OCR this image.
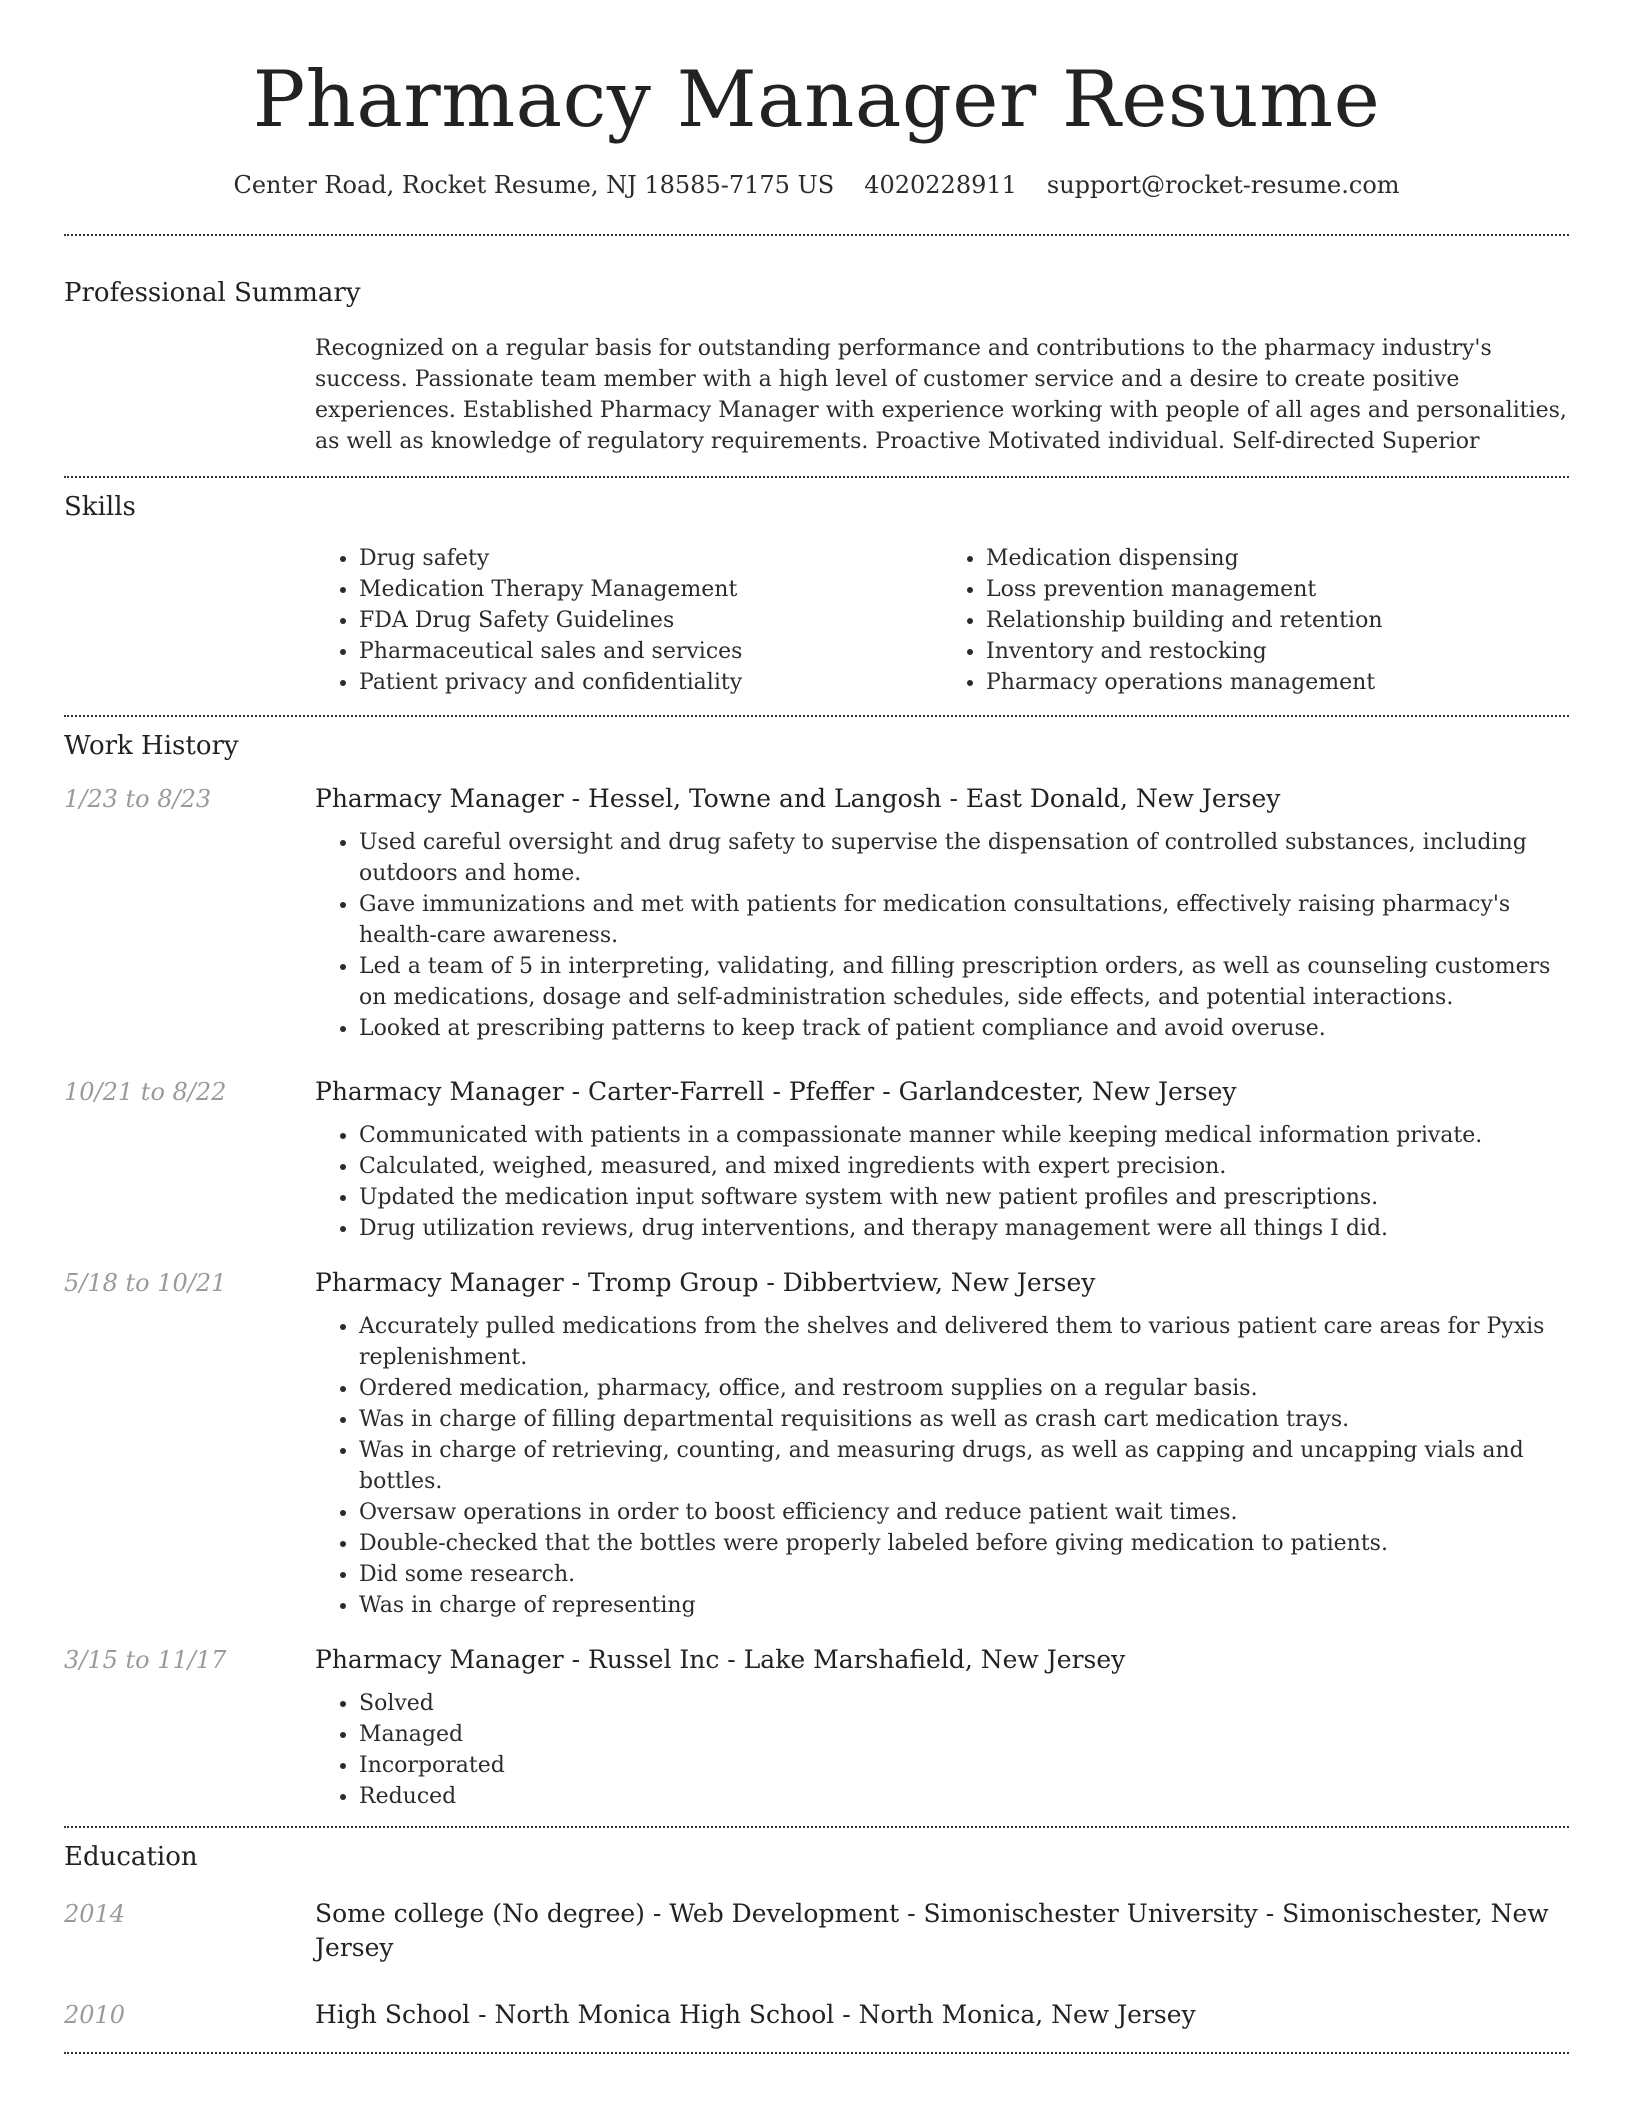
Pharmacy Manager Resume
Center Road, Rocket Resume, NJ 18585-7175 US 4020228911 support@rocket-resume.com
Professional Summary
Recognized on a regular basis for outstanding performance and contributions to the pharmacy industry's success. Passionate team member with a high level of customer service and a desire to create positive experiences. Established Pharmacy Manager with experience working with people of all ages and personalities, as well as knowledge of regulatory requirements. Proactive Motivated individual. Self-directed Superior
Skills
• Drug safety
• Medication Therapy Management
• FDA Drug Safety Guidelines
• Pharmaceutical sales and services
• Patient privacy and confidentiality
• Medication dispensing
• Loss prevention management
• Relationship building and retention
• Inventory and restocking
• Pharmacy operations management
Work History
1/23 to 8/23	Pharmacy Manager - Hessel, Towne and Langosh - East Donald, New Jersey
• Used careful oversight and drug safety to supervise the dispensation of controlled substances, including outdoors and home.
• Gave immunizations and met with patients for medication consultations, effectively raising pharmacy's health-care awareness.
• Led a team of 5 in interpreting, validating, and filling prescription orders, as well as counseling customers on medications, dosage and self-administration schedules, side effects, and potential interactions.
• Looked at prescribing patterns to keep track of patient compliance and avoid overuse.
10/21 to 8/22	Pharmacy Manager - Carter-Farrell - Pfeffer - Garlandcester, New Jersey
• Communicated with patients in a compassionate manner while keeping medical information private.
• Calculated, weighed, measured, and mixed ingredients with expert precision.
• Updated the medication input software system with new patient profiles and prescriptions.
• Drug utilization reviews, drug interventions, and therapy management were all things I did.
5/18 to 10/21	Pharmacy Manager - Tromp Group - Dibbertview, New Jersey
• Accurately pulled medications from the shelves and delivered them to various patient care areas for Pyxis replenishment.
• Ordered medication, pharmacy, office, and restroom supplies on a regular basis.
• Was in charge of filling departmental requisitions as well as crash cart medication trays.
• Was in charge of retrieving, counting, and measuring drugs, as well as capping and uncapping vials and bottles.
• Oversaw operations in order to boost efficiency and reduce patient wait times.
• Double-checked that the bottles were properly labeled before giving medication to patients.
• Did some research.
• Was in charge of representing
3/15 to 11/17	Pharmacy Manager - Russel Inc - Lake Marshafield, New Jersey
• Solved
• Managed
• Incorporated
• Reduced
Education
2014	Some college (No degree) - Web Development - Simonischester University - Simonischester, New Jersey
2010	High School - North Monica High School - North Monica, New Jersey
